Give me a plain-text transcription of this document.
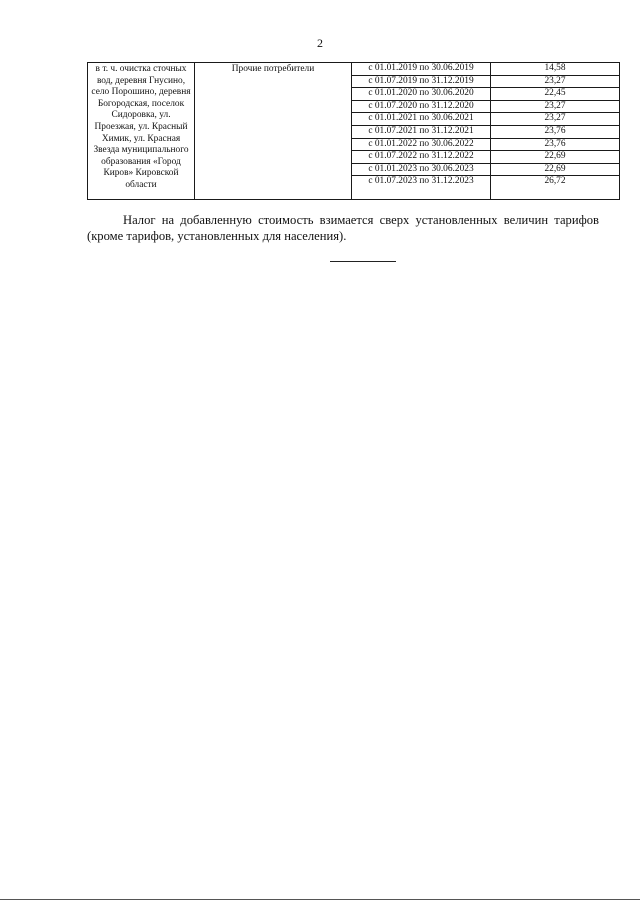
2
в т. ч. очистка сточных вод, деревня Гнусино, село Порошино, деревня Богородская, поселок Сидоровка, ул. Проезжая, ул. Красный Химик, ул. Красная Звезда муниципального образования «Город Киров» Кировской области	Прочие потребители	с 01.01.2019 по 30.06.2019	14,58
		с 01.07.2019 по 31.12.2019	23,27
		с 01.01.2020 по 30.06.2020	22,45
		с 01.07.2020 по 31.12.2020	23,27
		с 01.01.2021 по 30.06.2021	23,27
		с 01.07.2021 по 31.12.2021	23,76
		с 01.01.2022 по 30.06.2022	23,76
		с 01.07.2022 по 31.12.2022	22,69
		с 01.01.2023 по 30.06.2023	22,69
		с 01.07.2023 по 31.12.2023	26,72

Налог на добавленную стоимость взимается сверх установленных величин тарифов (кроме тарифов, установленных для населения).
